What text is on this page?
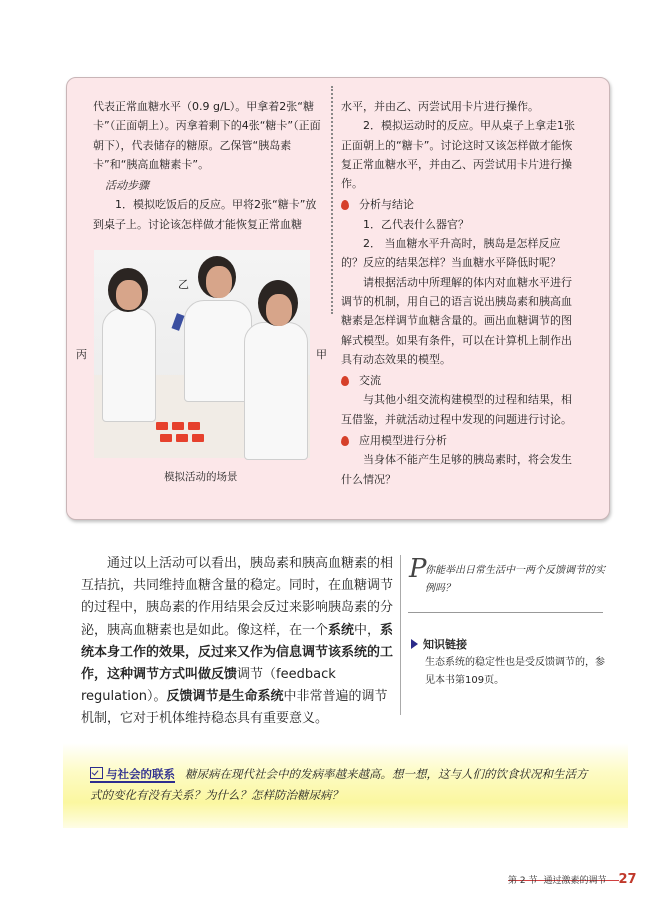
代表正常血糖水平（0.9 g/L）。甲拿着2张“糖卡”（正面朝上）。丙拿着剩下的4张“糖卡”（正面朝下），代表储存的糖原。乙保管“胰岛素卡”和“胰高血糖素卡”。

活动步骤

1．模拟吃饭后的反应。甲将2张“糖卡”放到桌子上。讨论该怎样做才能恢复正常血糖

乙
丙	甲
模拟活动的场景

水平，并由乙、丙尝试用卡片进行操作。

2．模拟运动时的反应。甲从桌子上拿走1张正面朝上的“糖卡”。讨论这时又该怎样做才能恢复正常血糖水平，并由乙、丙尝试用卡片进行操作。

分析与结论

1．乙代表什么器官？

2． 当血糖水平升高时，胰岛是怎样反应的？反应的结果怎样？当血糖水平降低时呢？

请根据活动中所理解的体内对血糖水平进行调节的机制，用自己的语言说出胰岛素和胰高血糖素是怎样调节血糖含量的。画出血糖调节的图解式模型。如果有条件，可以在计算机上制作出具有动态效果的模型。

交流

与其他小组交流构建模型的过程和结果，相互借鉴，并就活动过程中发现的问题进行讨论。

应用模型进行分析

当身体不能产生足够的胰岛素时，将会发生什么情况？

通过以上活动可以看出，胰岛素和胰高血糖素的相互拮抗，共同维持血糖含量的稳定。同时，在血糖调节的过程中，胰岛素的作用结果会反过来影响胰岛素的分泌，胰高血糖素也是如此。像这样，在一个系统中，系统本身工作的效果，反过来又作为信息调节该系统的工作，这种调节方式叫做反馈调节（feedback regulation）。反馈调节是生命系统中非常普遍的调节机制，它对于机体维持稳态具有重要意义。

P
你能举出日常生活中一两个反馈调节的实例吗？
知识链接
生态系统的稳定性也是受反馈调节的，参见本书第109页。
与社会的联系 糖尿病在现代社会中的发病率越来越高。想一想，这与人们的饮食状况和生活方式的变化有没有关系？为什么？怎样防治糖尿病？
第 2 节 通过激素的调节 27
